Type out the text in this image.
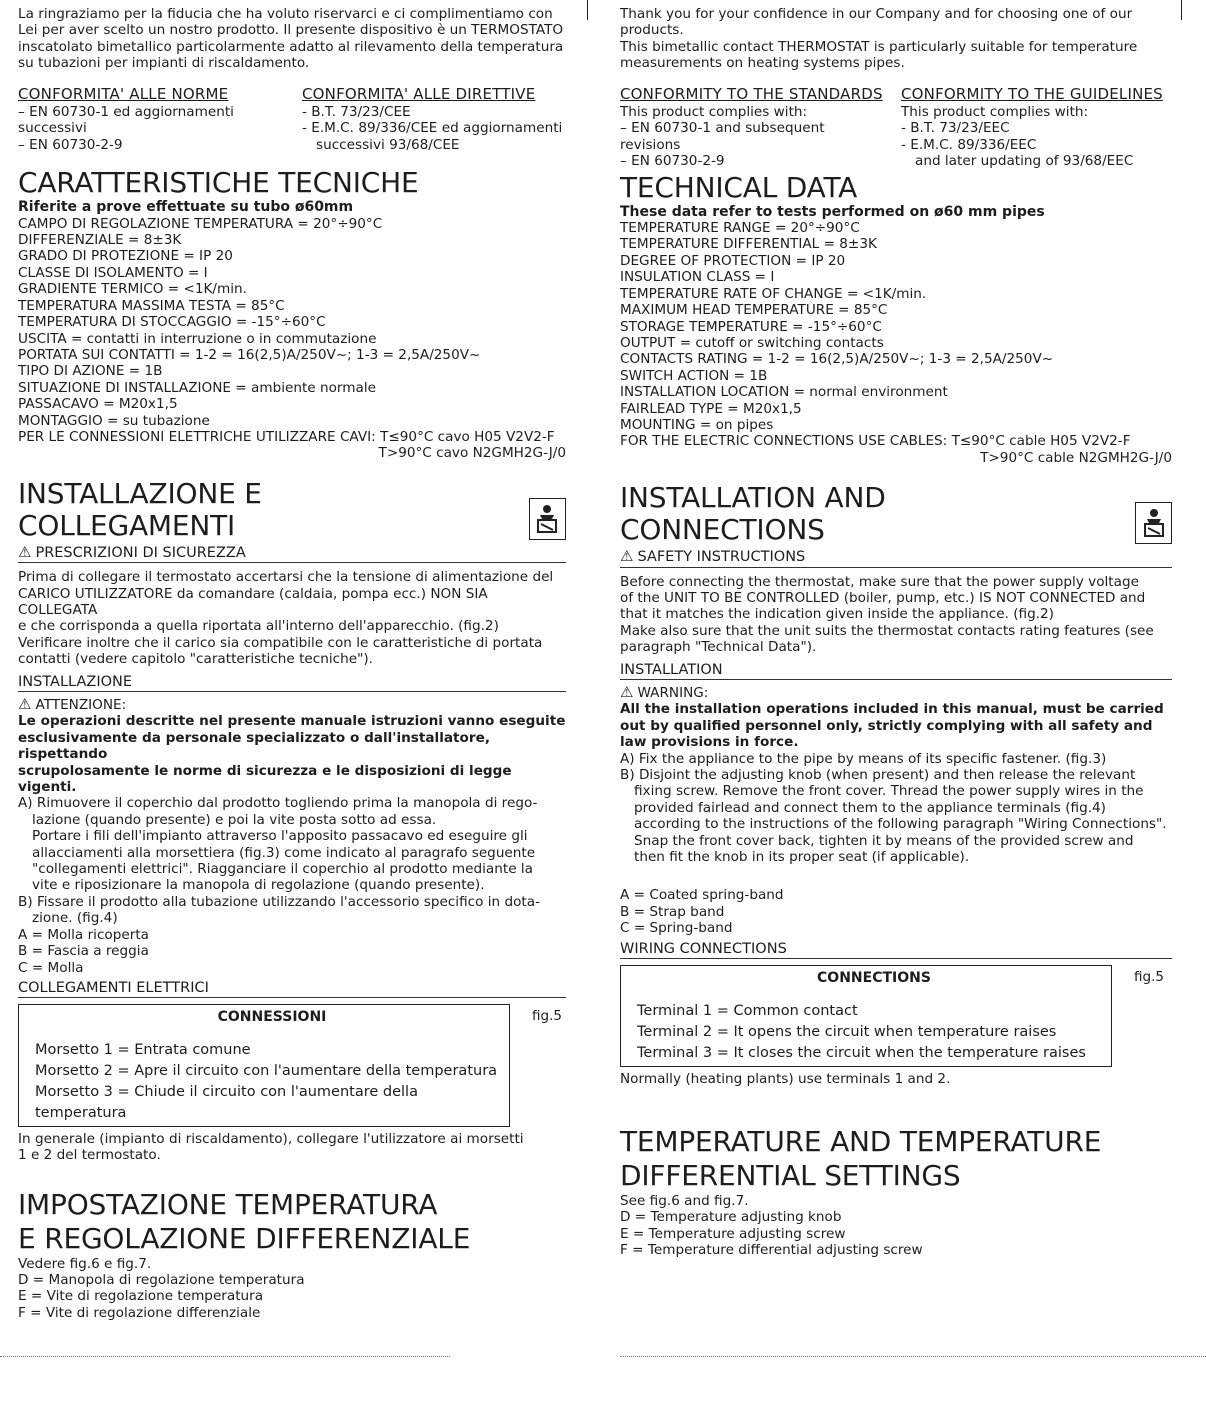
La ringraziamo per la fiducia che ha voluto riservarci e ci complimentiamo con

Lei per aver scelto un nostro prodotto. Il presente dispositivo è un TERMOSTATO

inscatolato bimetallico particolarmente adatto al rilevamento della temperatura

su tubazioni per impianti di riscaldamento.

CONFORMITA' ALLE NORME
– EN 60730-1 ed aggiornamenti
successivi
– EN 60730-2-9
CONFORMITA' ALLE DIRETTIVE
- B.T. 73/23/CEE
- E.M.C. 89/336/CEE ed aggiornamenti
successivi 93/68/CEE
CARATTERISTICHE TECNICHE
Riferite a prove effettuate su tubo ø60mm
CAMPO DI REGOLAZIONE TEMPERATURA = 20°÷90°C
DIFFERENZIALE = 8±3K
GRADO DI PROTEZIONE = IP 20
CLASSE DI ISOLAMENTO = I
GRADIENTE TERMICO = <1K/min.
TEMPERATURA MASSIMA TESTA = 85°C
TEMPERATURA DI STOCCAGGIO = -15°÷60°C
USCITA = contatti in interruzione o in commutazione
PORTATA SUI CONTATTI = 1-2 = 16(2,5)A/250V~; 1-3 = 2,5A/250V~
TIPO DI AZIONE = 1B
SITUAZIONE DI INSTALLAZIONE = ambiente normale
PASSACAVO = M20x1,5
MONTAGGIO = su tubazione
PER LE CONNESSIONI ELETTRICHE UTILIZZARE CAVI: T≤90°C cavo H05 V2V2-F
T>90°C cavo N2GMH2G-J/0
INSTALLAZIONE E COLLEGAMENTI
⚠ PRESCRIZIONI DI SICUREZZA

Prima di collegare il termostato accertarsi che la tensione di alimentazione del

CARICO UTILIZZATORE da comandare (caldaia, pompa ecc.) NON SIA COLLEGATA

e che corrisponda a quella riportata all'interno dell'apparecchio. (fig.2)

Verificare inoltre che il carico sia compatibile con le caratteristiche di portata

contatti (vedere capitolo "caratteristiche tecniche").

INSTALLAZIONE
⚠ ATTENZIONE:

Le operazioni descritte nel presente manuale istruzioni vanno eseguite

esclusivamente da personale specializzato o dall'installatore, rispettando

scrupolosamente le norme di sicurezza e le disposizioni di legge vigenti.

A) Rimuovere il coperchio dal prodotto togliendo prima la manopola di rego-

lazione (quando presente) e poi la vite posta sotto ad essa.

Portare i fili dell'impianto attraverso l'apposito passacavo ed eseguire gli

allacciamenti alla morsettiera (fig.3) come indicato al paragrafo seguente

"collegamenti elettrici". Riagganciare il coperchio al prodotto mediante la

vite e riposizionare la manopola di regolazione (quando presente).

B) Fissare il prodotto alla tubazione utilizzando l'accessorio specifico in dota-

zione. (fig.4)

A = Molla ricoperta

B = Fascia a reggia

C = Molla

COLLEGAMENTI ELETTRICI
CONNESSIONI
Morsetto 1 = Entrata comune
Morsetto 2 = Apre il circuito con l'aumentare della temperatura
Morsetto 3 = Chiude il circuito con l'aumentare della temperatura
fig.5

In generale (impianto di riscaldamento), collegare l'utilizzatore ai morsetti

1 e 2 del termostato.

IMPOSTAZIONE TEMPERATURA
E REGOLAZIONE DIFFERENZIALE
Vedere fig.6 e fig.7.

D = Manopola di regolazione temperatura

E = Vite di regolazione temperatura

F = Vite di regolazione differenziale

Thank you for your confidence in our Company and for choosing one of our

products.

This bimetallic contact THERMOSTAT is particularly suitable for temperature

measurements on heating systems pipes.

CONFORMITY TO THE STANDARDS
This product complies with:
– EN 60730-1 and subsequent
revisions
– EN 60730-2-9
CONFORMITY TO THE GUIDELINES
This product complies with:
- B.T. 73/23/EEC
- E.M.C. 89/336/EEC
and later updating of 93/68/EEC
TECHNICAL DATA
These data refer to tests performed on ø60 mm pipes
TEMPERATURE RANGE = 20°÷90°C
TEMPERATURE DIFFERENTIAL = 8±3K
DEGREE OF PROTECTION = IP 20
INSULATION CLASS = I
TEMPERATURE RATE OF CHANGE = <1K/min.
MAXIMUM HEAD TEMPERATURE = 85°C
STORAGE TEMPERATURE = -15°÷60°C
OUTPUT = cutoff or switching contacts
CONTACTS RATING = 1-2 = 16(2,5)A/250V~; 1-3 = 2,5A/250V~
SWITCH ACTION = 1B
INSTALLATION LOCATION = normal environment
FAIRLEAD TYPE = M20x1,5
MOUNTING = on pipes
FOR THE ELECTRIC CONNECTIONS USE CABLES: T≤90°C cable H05 V2V2-F
T>90°C cable N2GMH2G-J/0
INSTALLATION AND CONNECTIONS
⚠ SAFETY INSTRUCTIONS

Before connecting the thermostat, make sure that the power supply voltage

of the UNIT TO BE CONTROLLED (boiler, pump, etc.) IS NOT CONNECTED and

that it matches the indication given inside the appliance. (fig.2)

Make also sure that the unit suits the thermostat contacts rating features (see

paragraph "Technical Data").

INSTALLATION
⚠ WARNING:

All the installation operations included in this manual, must be carried

out by qualified personnel only, strictly complying with all safety and

law provisions in force.

A) Fix the appliance to the pipe by means of its specific fastener. (fig.3)

B) Disjoint the adjusting knob (when present) and then release the relevant

fixing screw. Remove the front cover. Thread the power supply wires in the

provided fairlead and connect them to the appliance terminals (fig.4)

according to the instructions of the following paragraph "Wiring Connections".

Snap the front cover back, tighten it by means of the provided screw and

then fit the knob in its proper seat (if applicable).

A = Coated spring-band

B = Strap band

C = Spring-band

WIRING CONNECTIONS
CONNECTIONS
Terminal 1 = Common contact
Terminal 2 = It opens the circuit when temperature raises
Terminal 3 = It closes the circuit when the temperature raises
fig.5

Normally (heating plants) use terminals 1 and 2.

TEMPERATURE AND TEMPERATURE
DIFFERENTIAL SETTINGS
See fig.6 and fig.7.

D = Temperature adjusting knob

E = Temperature adjusting screw

F = Temperature differential adjusting screw
